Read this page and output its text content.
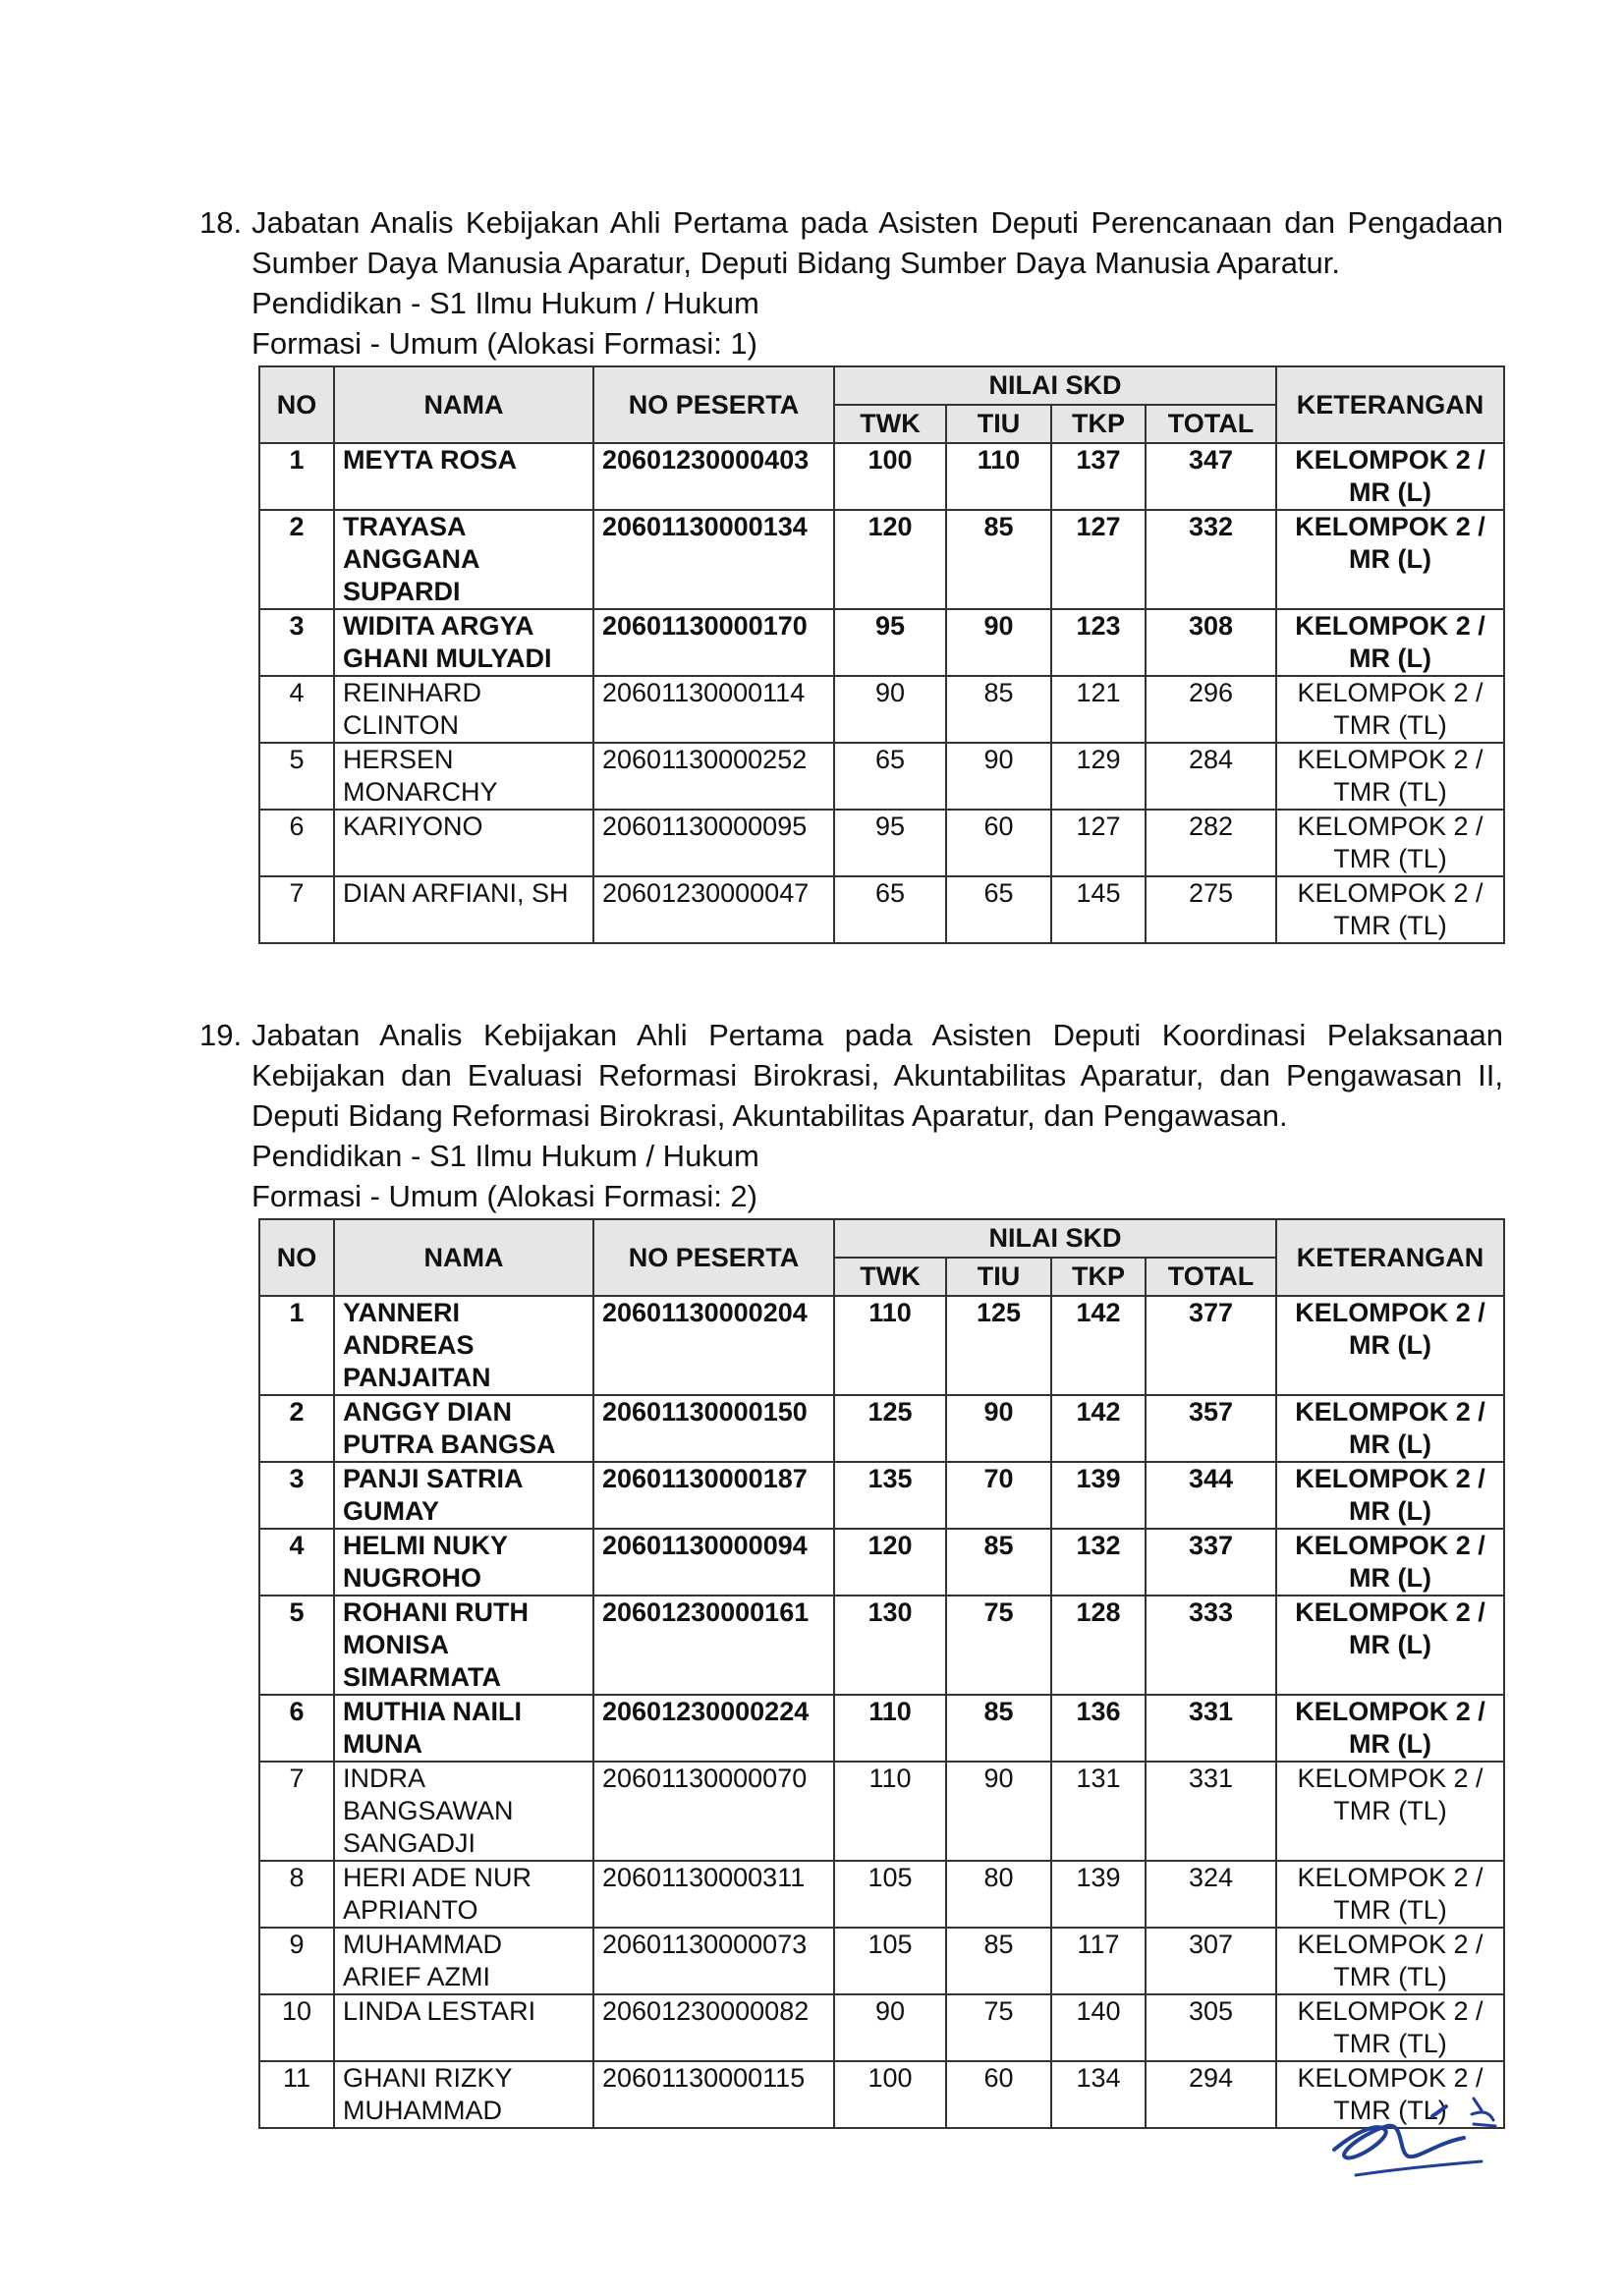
18. Jabatan Analis Kebijakan Ahli Pertama pada Asisten Deputi Perencanaan dan Pengadaan Sumber Daya Manusia Aparatur, Deputi Bidang Sumber Daya Manusia Aparatur.
Pendidikan - S1 Ilmu Hukum / Hukum
Formasi - Umum (Alokasi Formasi: 1)
NO	NAMA	NO PESERTA	NILAI SKD				KETERANGAN
			TWK	TIU	TKP	TOTAL	
1	MEYTA ROSA	20601230000403	100	110	137	347	KELOMPOK 2 / MR (L)
2	TRAYASA ANGGANA SUPARDI	20601130000134	120	85	127	332	KELOMPOK 2 / MR (L)
3	WIDITA ARGYA GHANI MULYADI	20601130000170	95	90	123	308	KELOMPOK 2 / MR (L)
4	REINHARD CLINTON	20601130000114	90	85	121	296	KELOMPOK 2 / TMR (TL)
5	HERSEN MONARCHY	20601130000252	65	90	129	284	KELOMPOK 2 / TMR (TL)
6	KARIYONO	20601130000095	95	60	127	282	KELOMPOK 2 / TMR (TL)
7	DIAN ARFIANI, SH	20601230000047	65	65	145	275	KELOMPOK 2 / TMR (TL)
19. Jabatan Analis Kebijakan Ahli Pertama pada Asisten Deputi Koordinasi Pelaksanaan Kebijakan dan Evaluasi Reformasi Birokrasi, Akuntabilitas Aparatur, dan Pengawasan II, Deputi Bidang Reformasi Birokrasi, Akuntabilitas Aparatur, dan Pengawasan.
Pendidikan - S1 Ilmu Hukum / Hukum
Formasi - Umum (Alokasi Formasi: 2)
NO	NAMA	NO PESERTA	NILAI SKD				KETERANGAN
			TWK	TIU	TKP	TOTAL	
1	YANNERI ANDREAS PANJAITAN	20601130000204	110	125	142	377	KELOMPOK 2 / MR (L)
2	ANGGY DIAN PUTRA BANGSA	20601130000150	125	90	142	357	KELOMPOK 2 / MR (L)
3	PANJI SATRIA GUMAY	20601130000187	135	70	139	344	KELOMPOK 2 / MR (L)
4	HELMI NUKY NUGROHO	20601130000094	120	85	132	337	KELOMPOK 2 / MR (L)
5	ROHANI RUTH MONISA SIMARMATA	20601230000161	130	75	128	333	KELOMPOK 2 / MR (L)
6	MUTHIA NAILI MUNA	20601230000224	110	85	136	331	KELOMPOK 2 / MR (L)
7	INDRA BANGSAWAN SANGADJI	20601130000070	110	90	131	331	KELOMPOK 2 / TMR (TL)
8	HERI ADE NUR APRIANTO	20601130000311	105	80	139	324	KELOMPOK 2 / TMR (TL)
9	MUHAMMAD ARIEF AZMI	20601130000073	105	85	117	307	KELOMPOK 2 / TMR (TL)
10	LINDA LESTARI	20601230000082	90	75	140	305	KELOMPOK 2 / TMR (TL)
11	GHANI RIZKY MUHAMMAD	20601130000115	100	60	134	294	KELOMPOK 2 / TMR (TL)
